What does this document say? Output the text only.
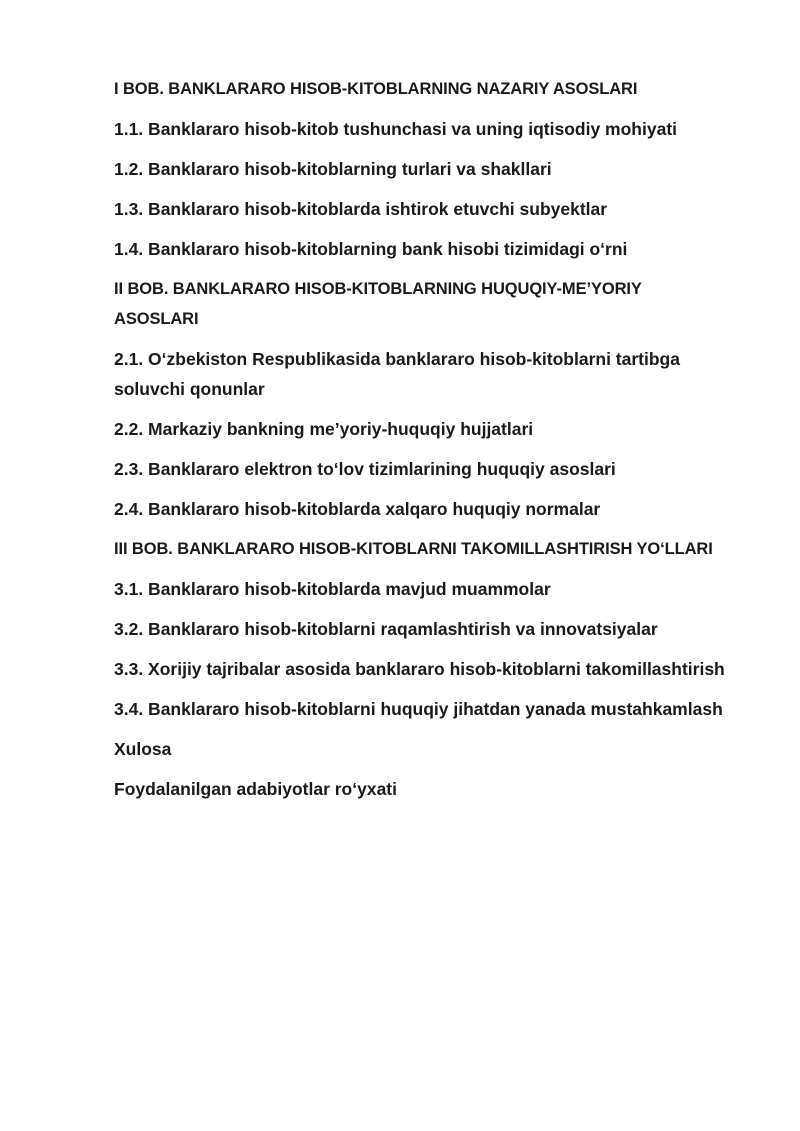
I BOB. BANKLARARO HISOB-KITOBLARNING NAZARIY ASOSLARI
1.1. Banklararo hisob-kitob tushunchasi va uning iqtisodiy mohiyati
1.2. Banklararo hisob-kitoblarning turlari va shakllari
1.3. Banklararo hisob-kitoblarda ishtirok etuvchi subyektlar
1.4. Banklararo hisob-kitoblarning bank hisobi tizimidagi o‘rni
II BOB. BANKLARARO HISOB-KITOBLARNING HUQUQIY-ME’YORIY ASOSLARI
2.1. O‘zbekiston Respublikasida banklararo hisob-kitoblarni tartibga soluvchi qonunlar
2.2. Markaziy bankning me’yoriy-huquqiy hujjatlari
2.3. Banklararo elektron to‘lov tizimlarining huquqiy asoslari
2.4. Banklararo hisob-kitoblarda xalqaro huquqiy normalar
III BOB. BANKLARARO HISOB-KITOBLARNI TAKOMILLASHTIRISH YO‘LLARI
3.1. Banklararo hisob-kitoblarda mavjud muammolar
3.2. Banklararo hisob-kitoblarni raqamlashtirish va innovatsiyalar
3.3. Xorijiy tajribalar asosida banklararo hisob-kitoblarni takomillashtirish
3.4. Banklararo hisob-kitoblarni huquqiy jihatdan yanada mustahkamlash
Xulosa
Foydalanilgan adabiyotlar ro‘yxati
